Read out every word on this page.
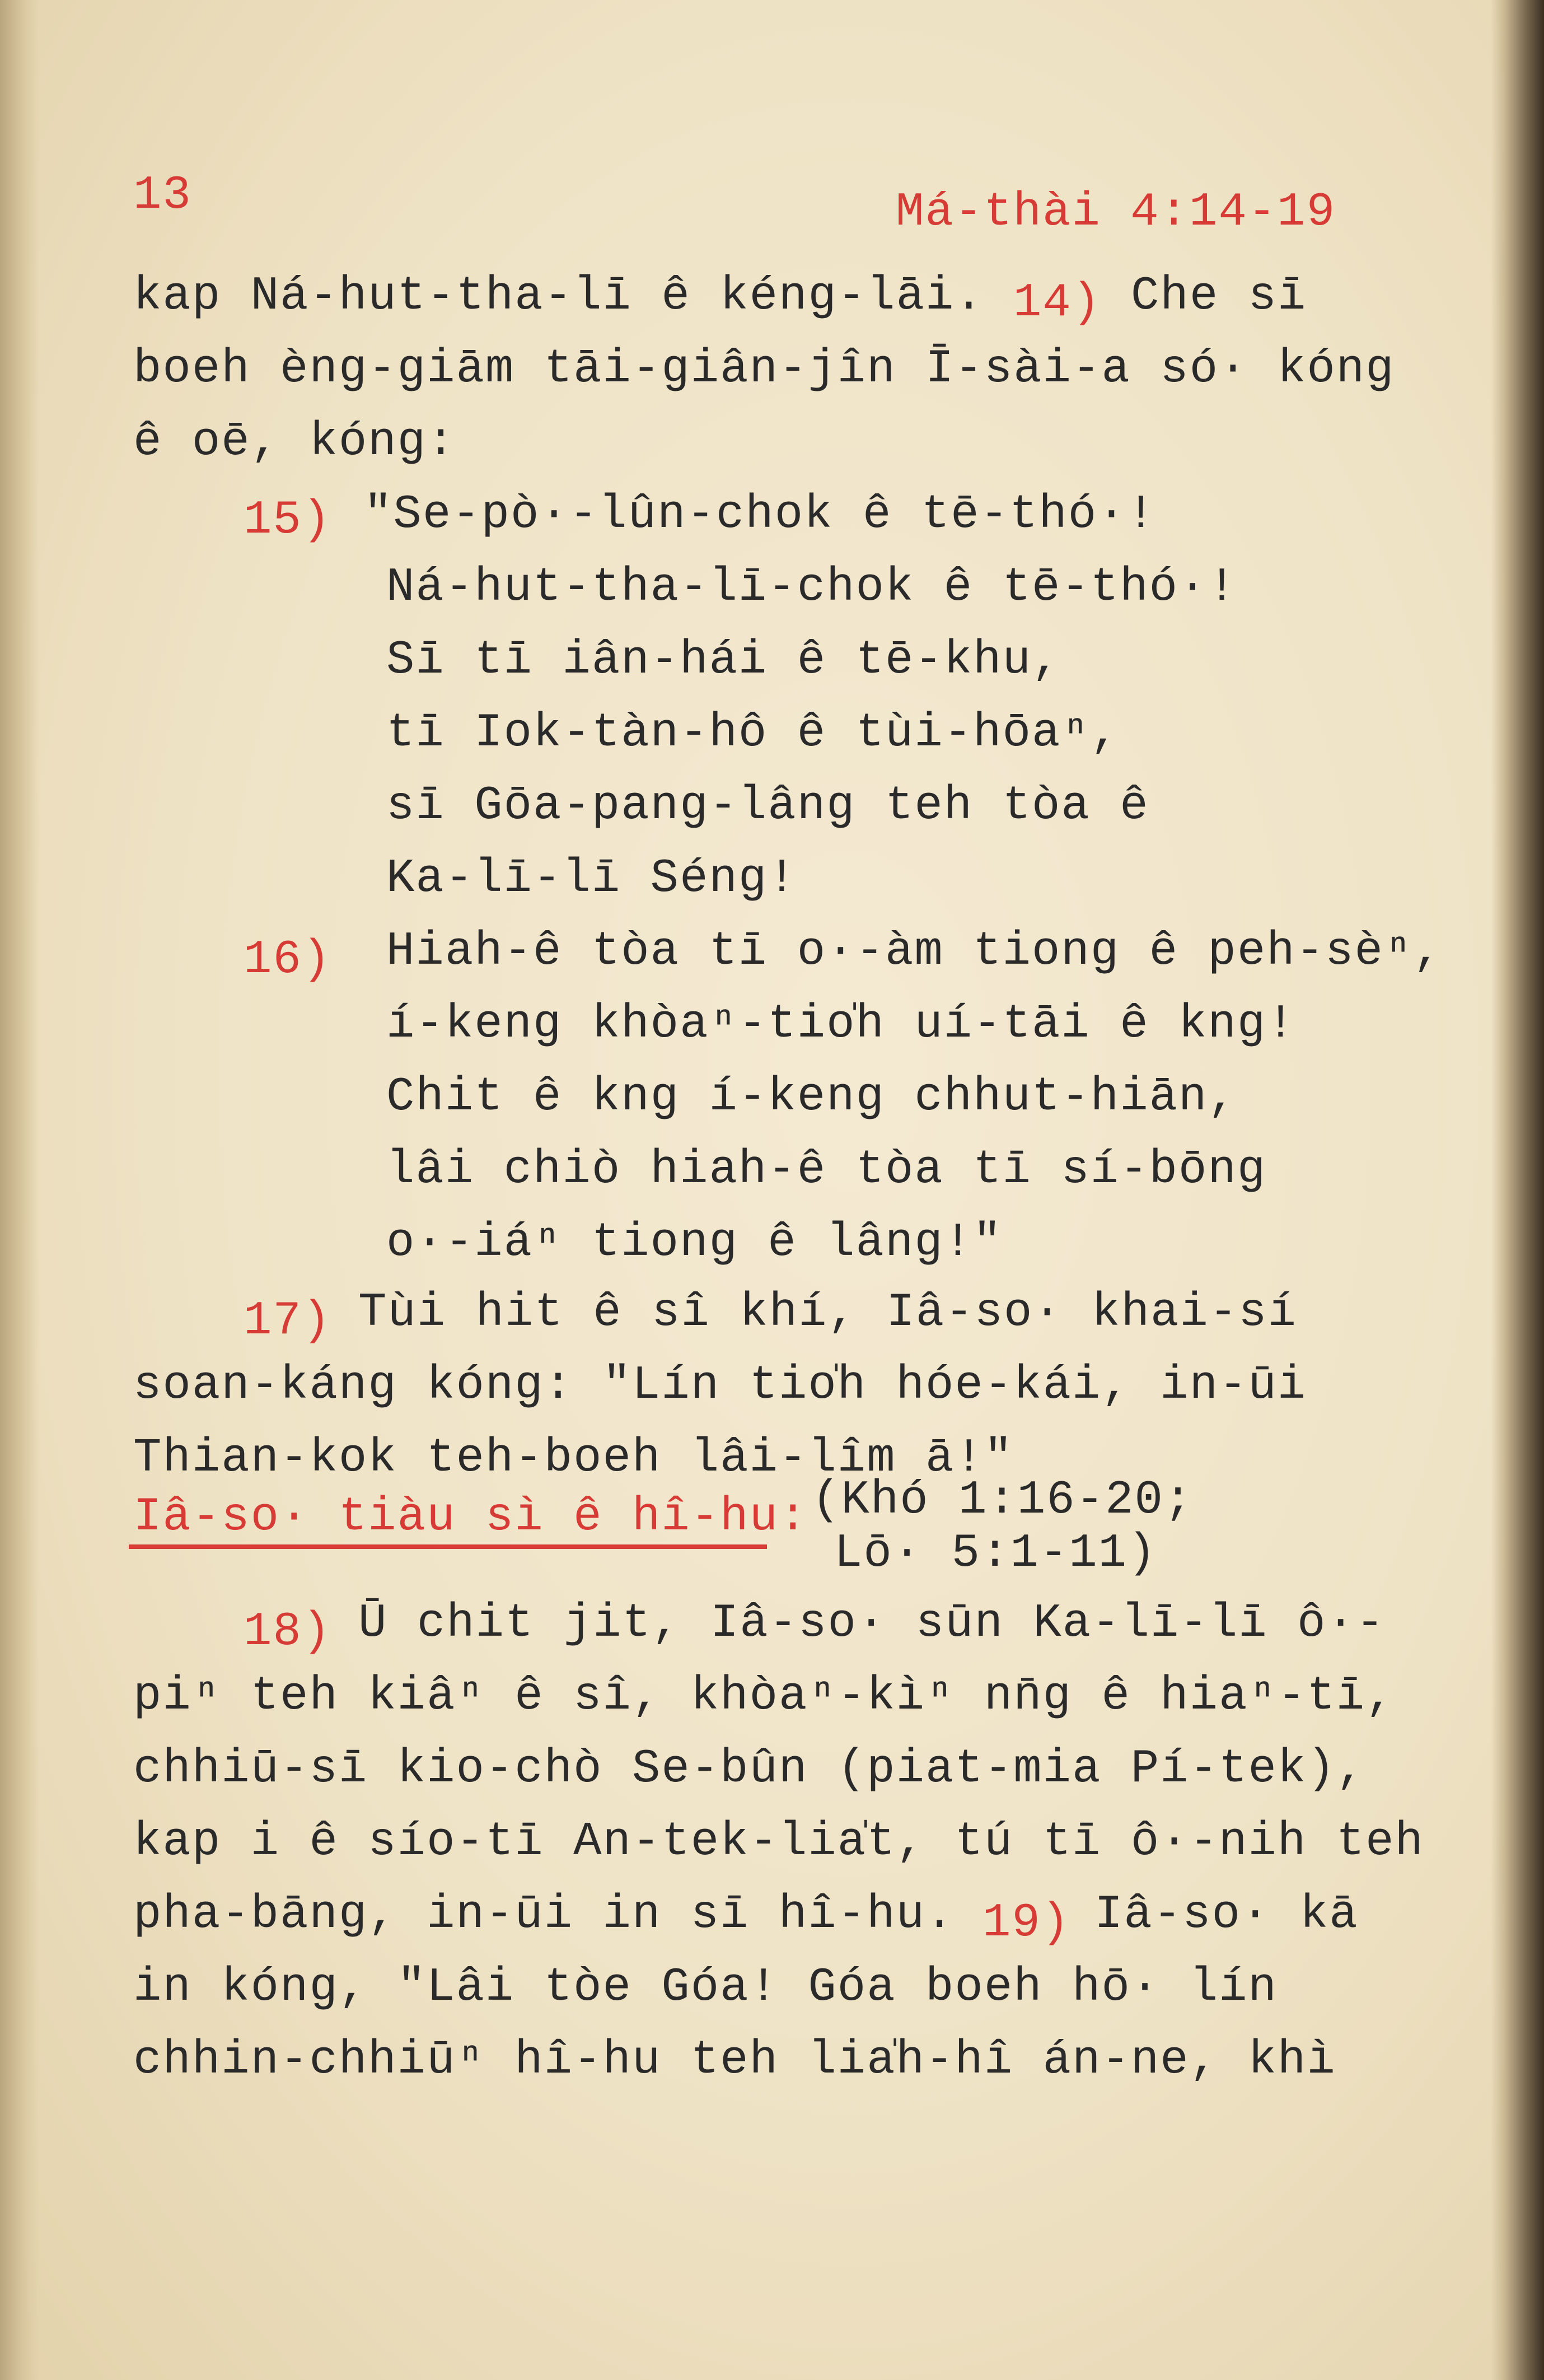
13	Má-thài 4:14-19
kap Ná-hut-tha-lī ê kéng-lāi. 14) Che sī
boeh èng-giām tāi-giân-jîn Ī-sài-a só· kóng
ê oē, kóng:
15) "Se-pò·-lûn-chok ê tē-thó·!
Ná-hut-tha-lī-chok ê tē-thó·!
Sī tī iân-hái ê tē-khu,
tī Iok-tàn-hô ê tùi-hōaⁿ,
sī Gōa-pang-lâng teh tòa ê
Ka-lī-lī Séng!
16) Hiah-ê tòa tī o·-àm tiong ê peh-sèⁿ,
í-keng khòaⁿ-tio̍h uí-tāi ê kng!
Chit ê kng í-keng chhut-hiān,
lâi chiò hiah-ê tòa tī sí-bōng
o·-iáⁿ tiong ê lâng!"
17) Tùi hit ê sî khí, Iâ-so· khai-sí
soan-káng kóng: "Lín tio̍h hóe-kái, in-ūi
Thian-kok teh-boeh lâi-lîm ā!"
Iâ-so· tiàu sì ê hî-hu: (Khó 1:16-20;
Lō· 5:1-11)
18) Ū chit jit, Iâ-so· sūn Ka-lī-lī ô·-
piⁿ teh kiâⁿ ê sî, khòaⁿ-kìⁿ nn̄g ê hiaⁿ-tī,
chhiū-sī kio-chò Se-bûn (piat-mia Pí-tek),
kap i ê sío-tī An-tek-lia̍t, tú tī ô·-nih teh
pha-bāng, in-ūi in sī hî-hu. 19) Iâ-so· kā
in kóng, "Lâi tòe Góa! Góa boeh hō· lín
chhin-chhiūⁿ hî-hu teh lia̍h-hî án-ne, khì
